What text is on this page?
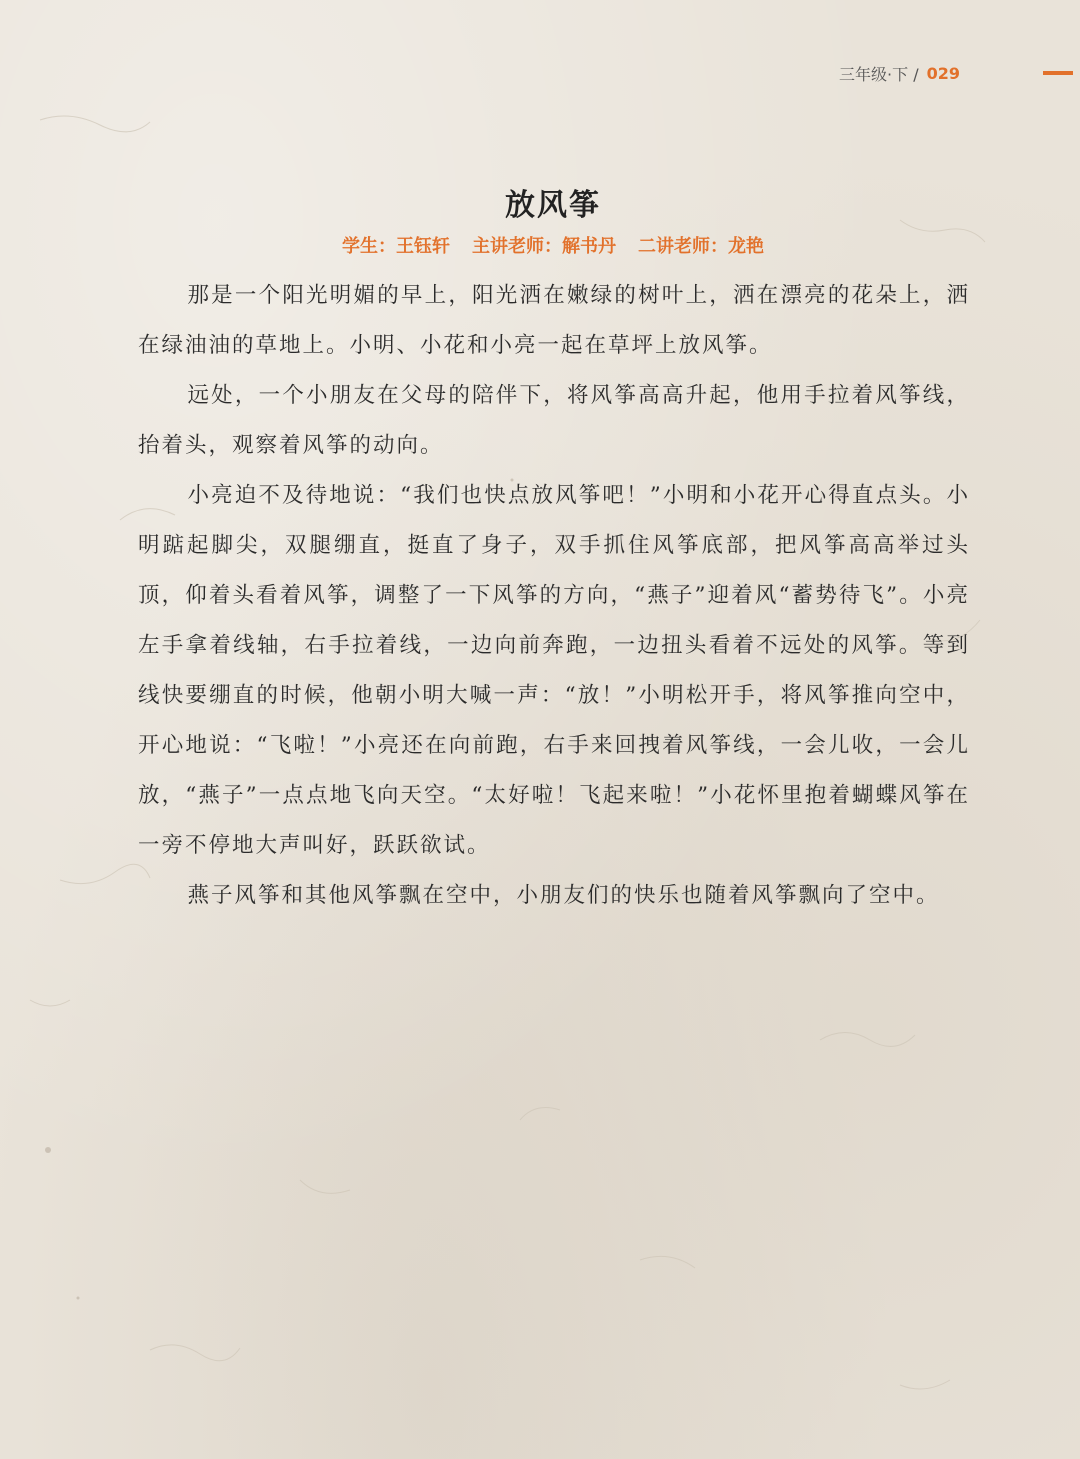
三年级·下 / 029
放风筝
学生：王钰轩 主讲老师：解书丹 二讲老师：龙艳

那是一个阳光明媚的早上，阳光洒在嫩绿的树叶上，洒在漂亮的花朵上，洒在绿油油的草地上。小明、小花和小亮一起在草坪上放风筝。

远处，一个小朋友在父母的陪伴下，将风筝高高升起，他用手拉着风筝线，抬着头，观察着风筝的动向。

小亮迫不及待地说：“我们也快点放风筝吧！”小明和小花开心得直点头。小明踮起脚尖，双腿绷直，挺直了身子，双手抓住风筝底部，把风筝高高举过头顶，仰着头看着风筝，调整了一下风筝的方向，“燕子”迎着风“蓄势待飞”。小亮左手拿着线轴，右手拉着线，一边向前奔跑，一边扭头看着不远处的风筝。等到线快要绷直的时候，他朝小明大喊一声：“放！”小明松开手，将风筝推向空中，开心地说：“飞啦！”小亮还在向前跑，右手来回拽着风筝线，一会儿收，一会儿放，“燕子”一点点地飞向天空。“太好啦！飞起来啦！”小花怀里抱着蝴蝶风筝在一旁不停地大声叫好，跃跃欲试。

燕子风筝和其他风筝飘在空中，小朋友们的快乐也随着风筝飘向了空中。
